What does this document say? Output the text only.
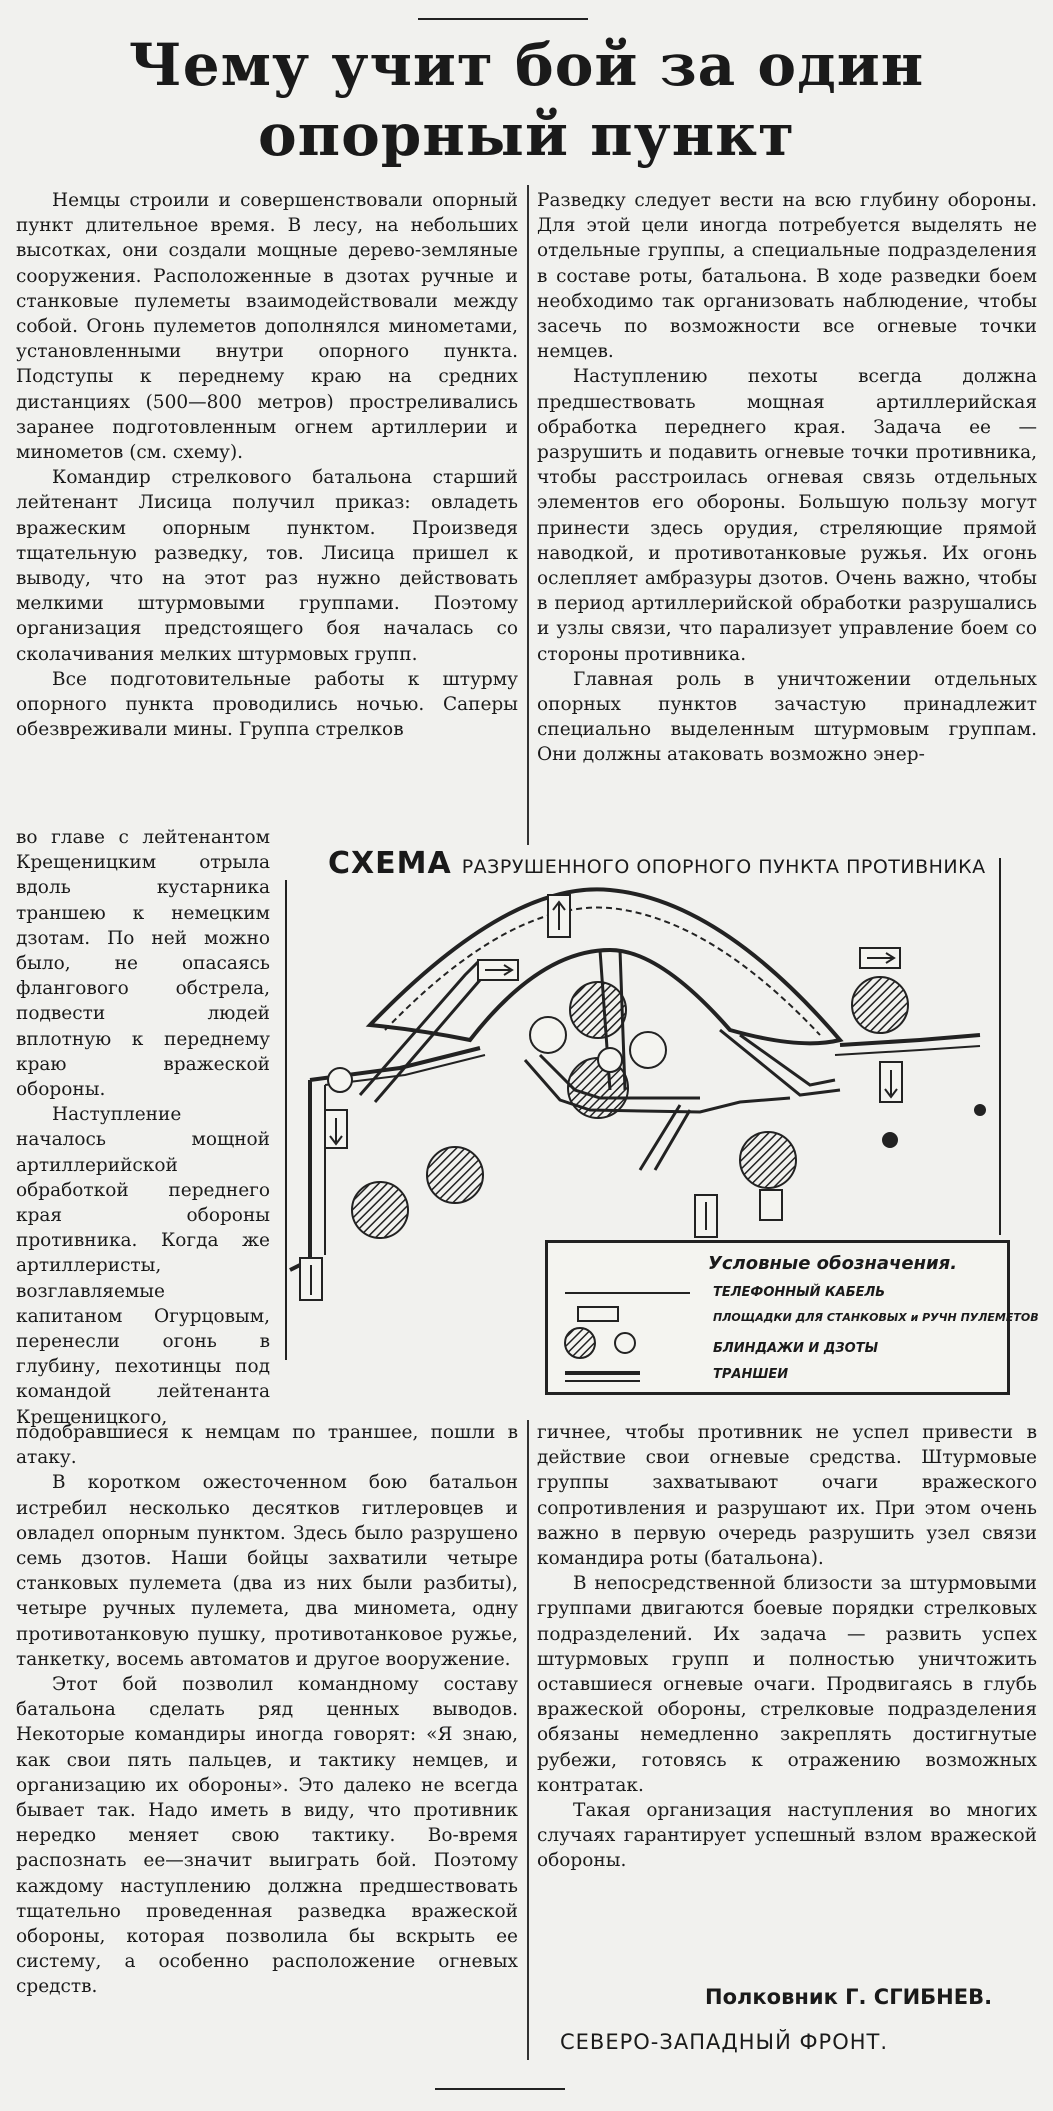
Чему учит бой за один
опорный пункт

Немцы строили и совершенствовали опорный пункт длительное время. В лесу, на небольших высотках, они создали мощные дерево-земляные сооружения. Расположенные в дзотах ручные и станковые пулеметы взаимодействовали между собой. Огонь пулеметов дополнялся минометами, установленными внутри опорного пункта. Подступы к переднему краю на средних дистанциях (500—800 метров) простреливались заранее подготовленным огнем артиллерии и минометов (см. схему).

Командир стрелкового батальона старший лейтенант Лисица получил приказ: овладеть вражеским опорным пунктом. Произведя тщательную разведку, тов. Лисица пришел к выводу, что на этот раз нужно действовать мелкими штурмовыми группами. Поэтому организация предстоящего боя началась со сколачивания мелких штурмовых групп.

Все подготовительные работы к штурму опорного пункта проводились ночью. Саперы обезвреживали мины. Группа стрелков

во главе с лейтенантом Крещеницким отрыла вдоль кустарника траншею к немецким дзотам. По ней можно было, не опасаясь флангового обстрела, подвести людей вплотную к переднему краю вражеской обороны.

Наступление началось мощной артиллерийской обработкой переднего края обороны противника. Когда же артиллеристы, возглавляемые капитаном Огурцовым, перенесли огонь в глубину, пехотинцы под командой лейтенанта Крещеницкого,

подобравшиеся к немцам по траншее, пошли в атаку.

В коротком ожесточенном бою батальон истребил несколько десятков гитлеровцев и овладел опорным пунктом. Здесь было разрушено семь дзотов. Наши бойцы захватили четыре станковых пулемета (два из них были разбиты), четыре ручных пулемета, два миномета, одну противотанковую пушку, противотанковое ружье, танкетку, восемь автоматов и другое вооружение.

Этот бой позволил командному составу батальона сделать ряд ценных выводов. Некоторые командиры иногда говорят: «Я знаю, как свои пять пальцев, и тактику немцев, и организацию их обороны». Это далеко не всегда бывает так. Надо иметь в виду, что противник нередко меняет свою тактику. Во-время распознать ее—значит выиграть бой. Поэтому каждому наступлению должна предшествовать тщательно проведенная разведка вражеской обороны, которая позволила бы вскрыть ее систему, а особенно расположение огневых средств.

Разведку следует вести на всю глубину обороны. Для этой цели иногда потребуется выделять не отдельные группы, а специальные подразделения в составе роты, батальона. В ходе разведки боем необходимо так организовать наблюдение, чтобы засечь по возможности все огневые точки немцев.

Наступлению пехоты всегда должна предшествовать мощная артиллерийская обработка переднего края. Задача ее — разрушить и подавить огневые точки противника, чтобы расстроилась огневая связь отдельных элементов его обороны. Большую пользу могут принести здесь орудия, стреляющие прямой наводкой, и противотанковые ружья. Их огонь ослепляет амбразуры дзотов. Очень важно, чтобы в период артиллерийской обработки разрушались и узлы связи, что парализует управление боем со стороны противника.

Главная роль в уничтожении отдельных опорных пунктов зачастую принадлежит специально выделенным штурмовым группам. Они должны атаковать возможно энер-

гичнее, чтобы противник не успел привести в действие свои огневые средства. Штурмовые группы захватывают очаги вражеского сопротивления и разрушают их. При этом очень важно в первую очередь разрушить узел связи командира роты (батальона).

В непосредственной близости за штурмовыми группами двигаются боевые порядки стрелковых подразделений. Их задача — развить успех штурмовых групп и полностью уничтожить оставшиеся огневые очаги. Продвигаясь в глубь вражеской обороны, стрелковые подразделения обязаны немедленно закреплять достигнутые рубежи, готовясь к отражению возможных контратак.

Такая организация наступления во многих случаях гарантирует успешный взлом вражеской обороны.

СХЕМА РАЗРУШЕННОГО ОПОРНОГО ПУНКТА ПРОТИВНИКА
Условные обозначения.
ТЕЛЕФОННЫЙ КАБЕЛЬ
ПЛОЩАДКИ ДЛЯ СТАНКОВЫХ и РУЧН ПУЛЕМЕТОВ
БЛИНДАЖИ И ДЗОТЫ
ТРАНШЕИ
Полковник Г. СГИБНЕВ.
СЕВЕРО-ЗАПАДНЫЙ ФРОНТ.
